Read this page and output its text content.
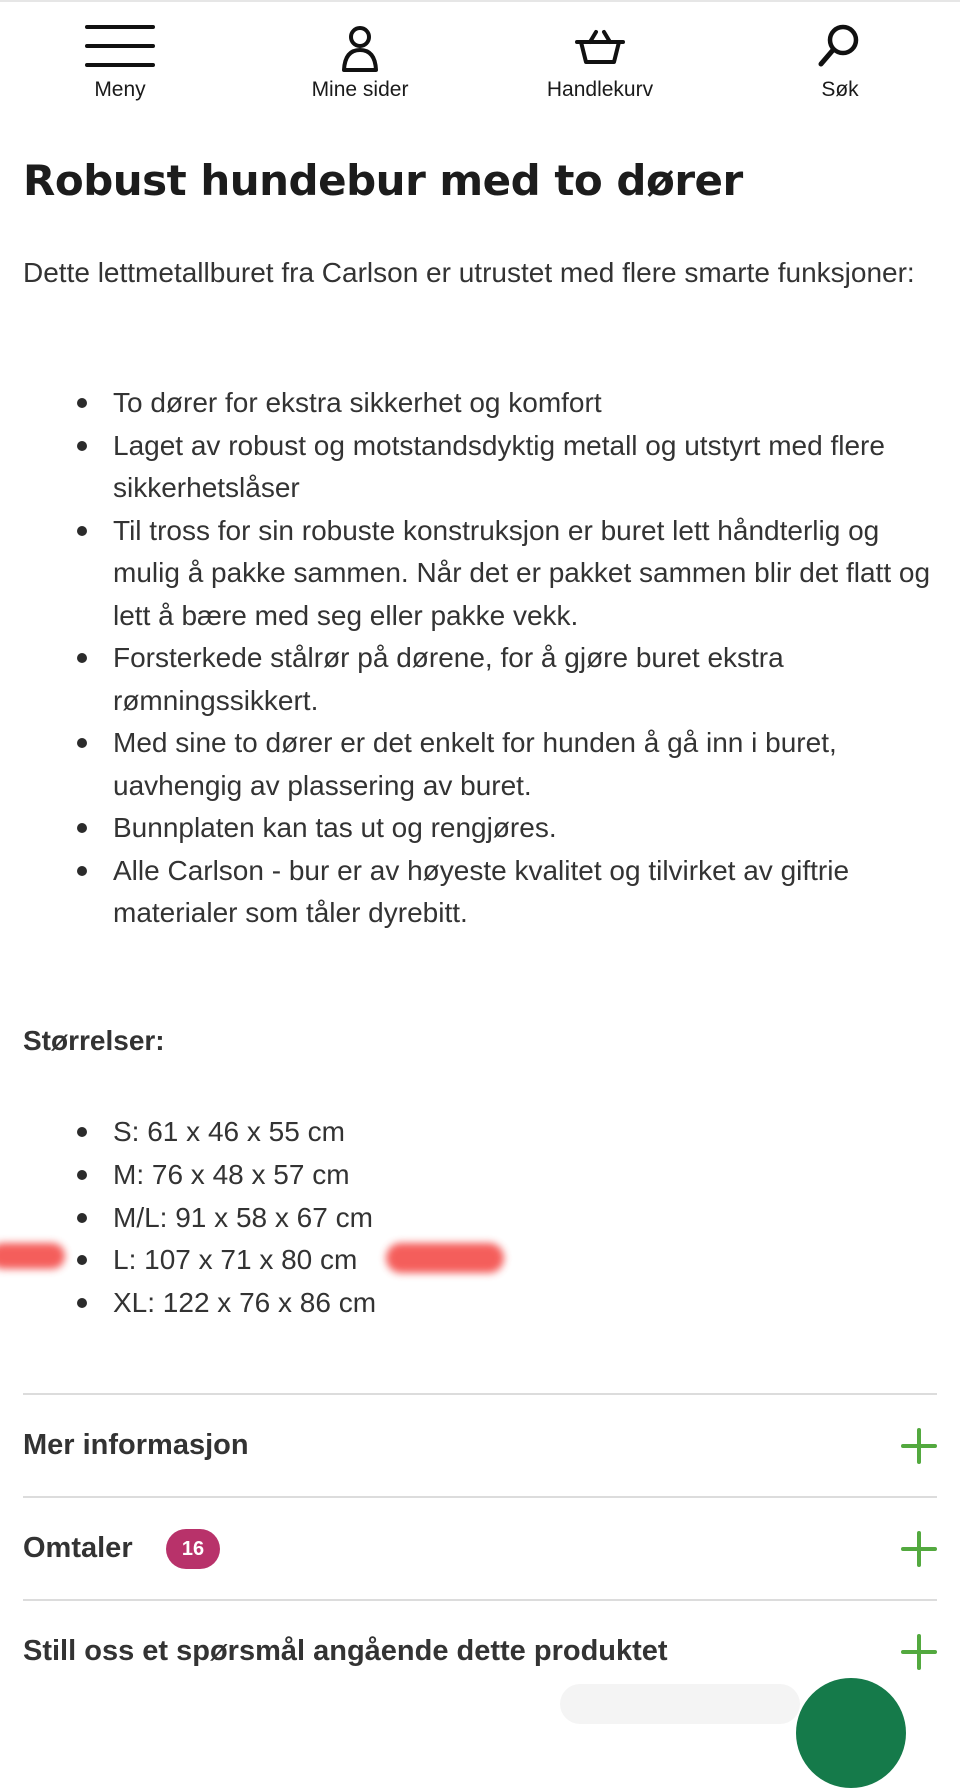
Meny	Mine sider	Handlekurv	Søk
Robust hundebur med to dører

Dette lettmetallburet fra Carlson er utrustet med flere smarte funksjoner:

To dører for ekstra sikkerhet og komfort
Laget av robust og motstandsdyktig metall og utstyrt med flere sikkerhetslåser
Til tross for sin robuste konstruksjon er buret lett håndterlig og mulig å pakke sammen. Når det er pakket sammen blir det flatt og lett å bære med seg eller pakke vekk.
Forsterkede stålrør på dørene, for å gjøre buret ekstra rømningssikkert.
Med sine to dører er det enkelt for hunden å gå inn i buret, uavhengig av plassering av buret.
Bunnplaten kan tas ut og rengjøres.
Alle Carlson - bur er av høyeste kvalitet og tilvirket av giftrie materialer som tåler dyrebitt.

Størrelser:

S: 61 x 46 x 55 cm
M: 76 x 48 x 57 cm
M/L: 91 x 58 x 67 cm
L: 107 x 71 x 80 cm
XL: 122 x 76 x 86 cm
Mer informasjon
Omtaler	16
Still oss et spørsmål angående dette produktet
